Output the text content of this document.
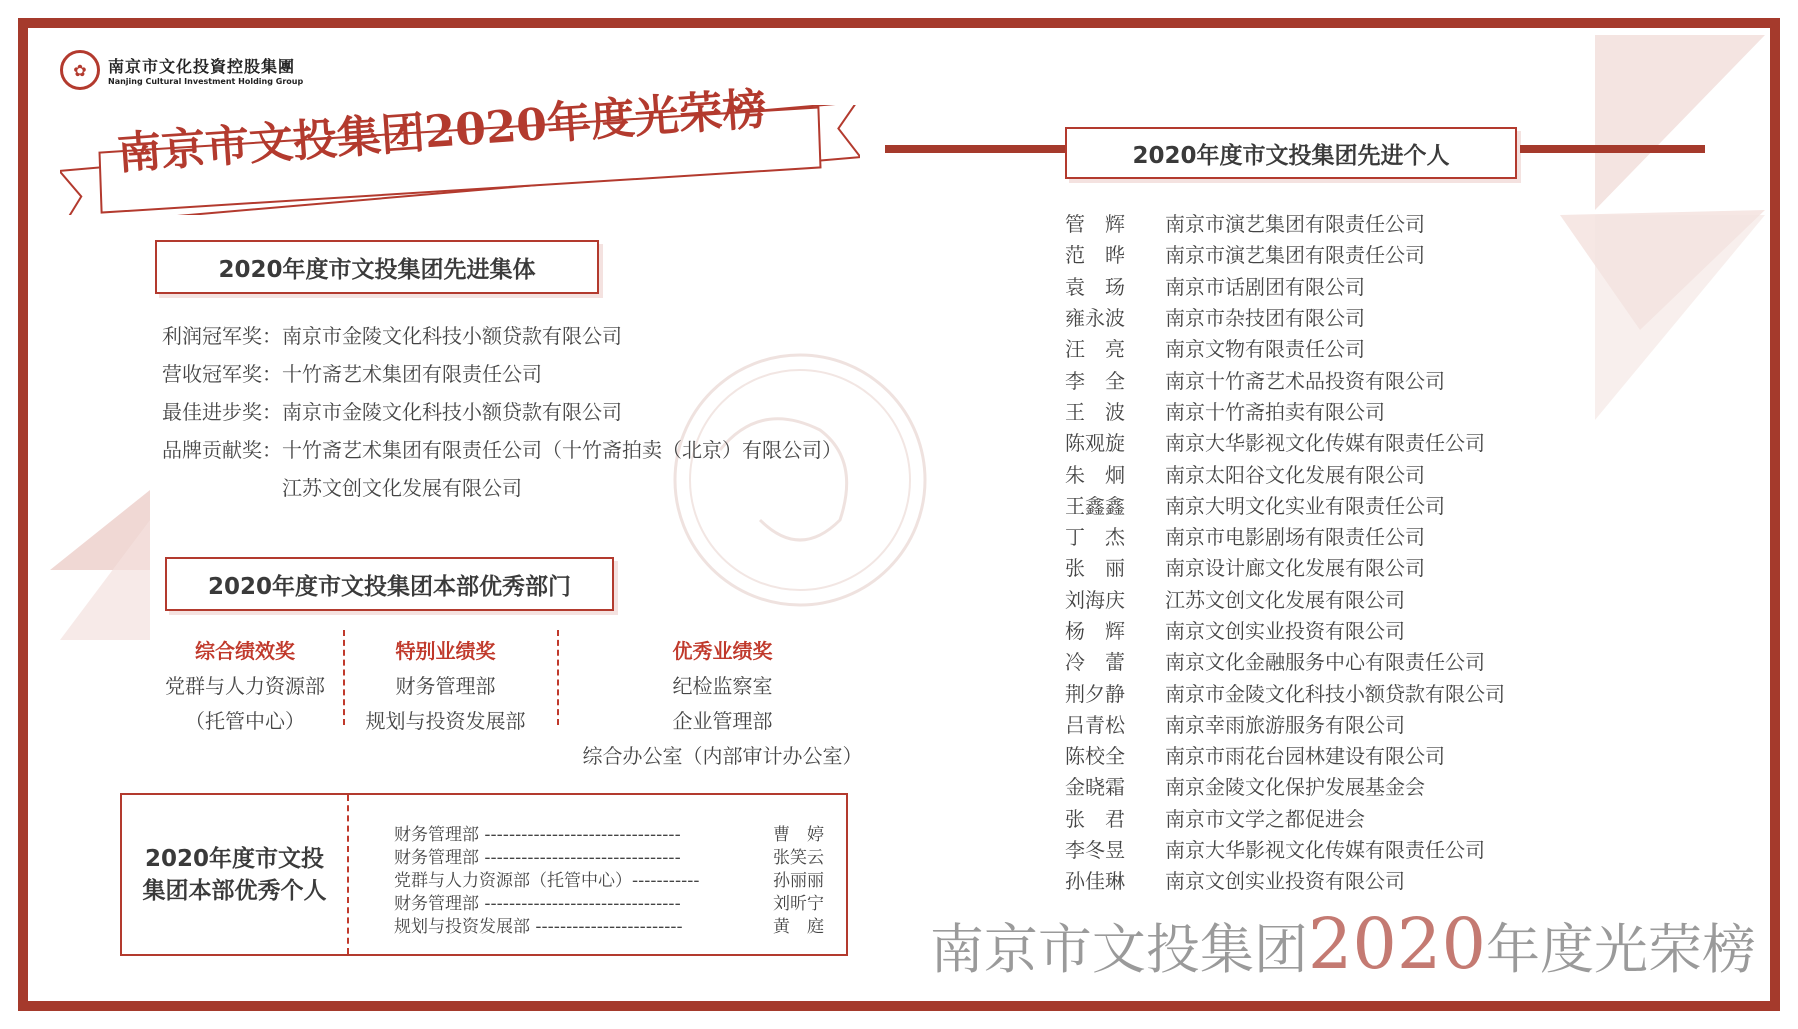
✿	南京市文化投資控股集團
Nanjing Cultural Investment Holding Group
南京市文投集团2020年度光荣榜
2020年度市文投集团先进集体
利润冠军奖：南京市金陵文化科技小额贷款有限公司
营收冠军奖：十竹斋艺术集团有限责任公司
最佳进步奖：南京市金陵文化科技小额贷款有限公司
品牌贡献奖：十竹斋艺术集团有限责任公司（十竹斋拍卖（北京）有限公司）
江苏文创文化发展有限公司
2020年度市文投集团本部优秀部门
综合绩效奖
党群与人力资源部
（托管中心）
特别业绩奖
财务管理部
规划与投资发展部
优秀业绩奖
纪检监察室
企业管理部
综合办公室（内部审计办公室）
2020年度市文投
集团本部优秀个人
财务管理部 --------------------------------	曹　婷
财务管理部 --------------------------------	张笑云
党群与人力资源部（托管中心）-----------	孙丽丽
财务管理部 --------------------------------	刘昕宁
规划与投资发展部 ------------------------	黄　庭
2020年度市文投集团先进个人
管　辉	南京市演艺集团有限责任公司
范　晔	南京市演艺集团有限责任公司
袁　玚	南京市话剧团有限公司
雍永波	南京市杂技团有限公司
汪　亮	南京文物有限责任公司
李　全	南京十竹斋艺术品投资有限公司
王　波	南京十竹斋拍卖有限公司
陈观旋	南京大华影视文化传媒有限责任公司
朱　炯	南京太阳谷文化发展有限公司
王鑫鑫	南京大明文化实业有限责任公司
丁　杰	南京市电影剧场有限责任公司
张　丽	南京设计廊文化发展有限公司
刘海庆	江苏文创文化发展有限公司
杨　辉	南京文创实业投资有限公司
冷　蕾	南京文化金融服务中心有限责任公司
荆夕静	南京市金陵文化科技小额贷款有限公司
吕青松	南京幸雨旅游服务有限公司
陈校全	南京市雨花台园林建设有限公司
金晓霜	南京金陵文化保护发展基金会
张　君	南京市文学之都促进会
李冬昱	南京大华影视文化传媒有限责任公司
孙佳琳	南京文创实业投资有限公司
南京市文投集团2020年度光荣榜
